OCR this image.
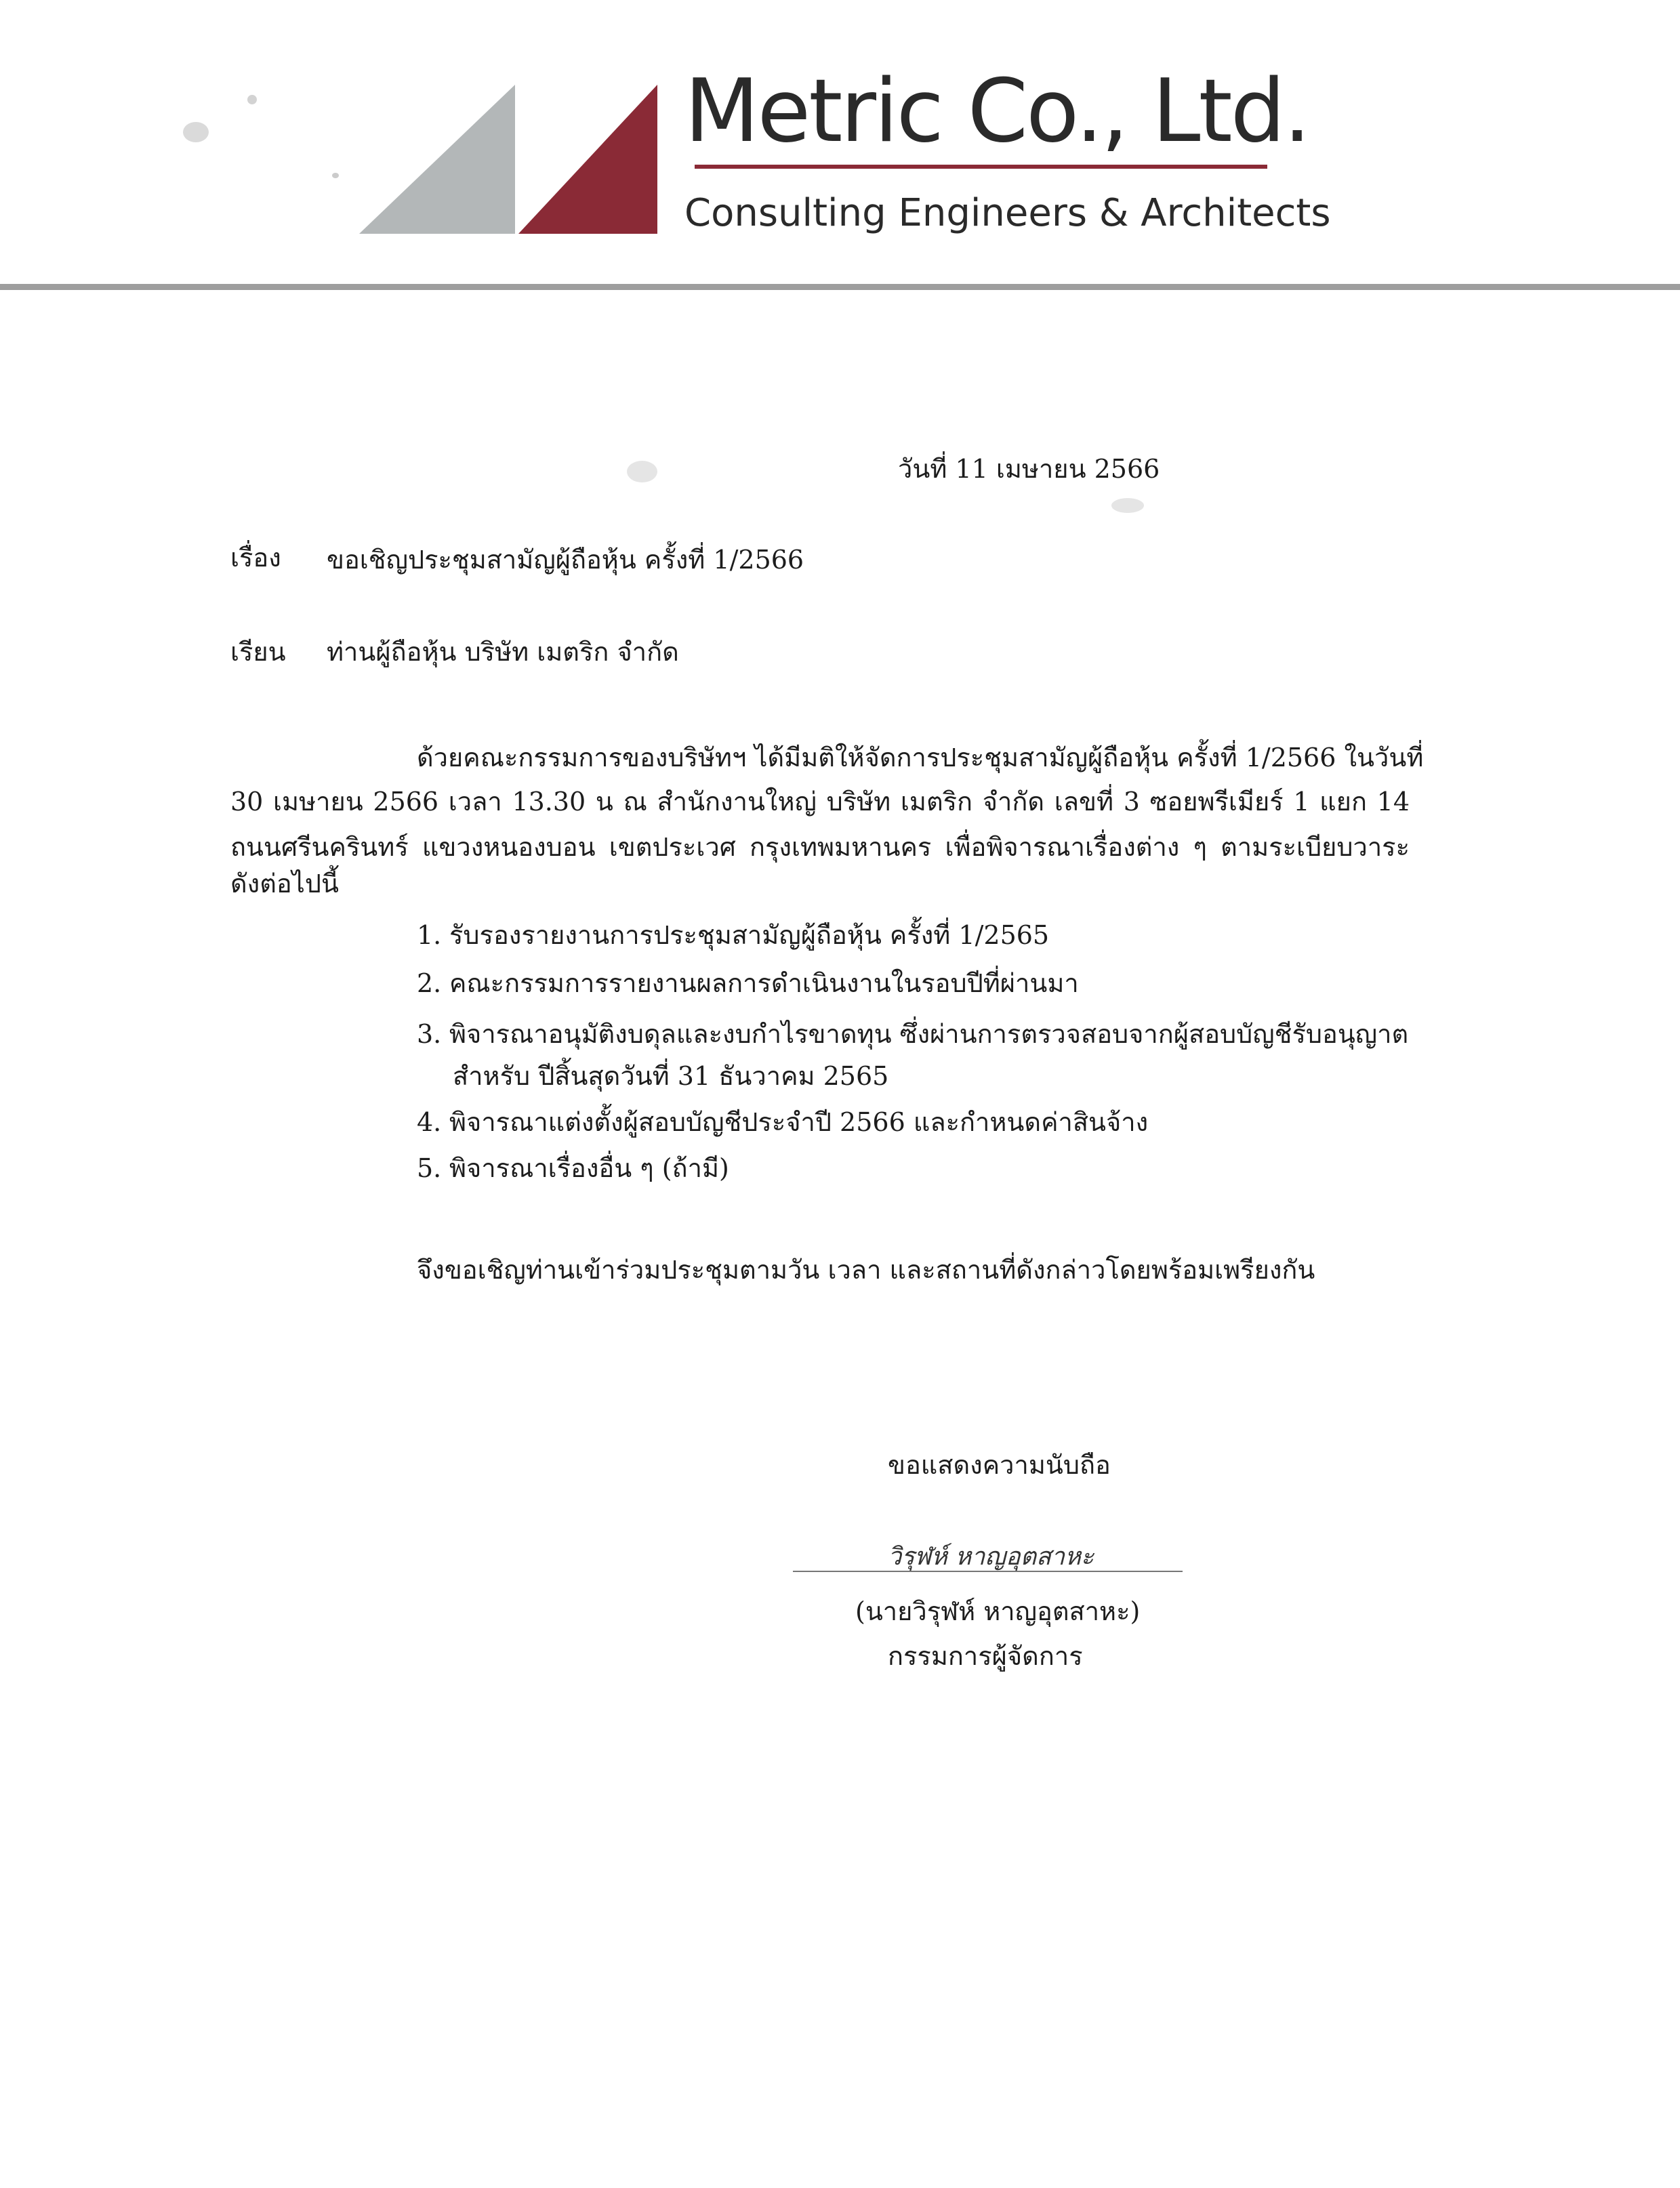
Metric Co., Ltd.
Consulting Engineers & Architects
วันที่ 11 เมษายน 2566
เรื่อง ขอเชิญประชุมสามัญผู้ถือหุ้น ครั้งที่ 1/2566
เรียน ท่านผู้ถือหุ้น บริษัท เมตริก จำกัด
ด้วยคณะกรรมการของบริษัทฯ ได้มีมติให้จัดการประชุมสามัญผู้ถือหุ้น ครั้งที่ 1/2566 ในวันที่
30 เมษายน 2566 เวลา 13.30 น ณ สำนักงานใหญ่ บริษัท เมตริก จำกัด เลขที่ 3 ซอยพรีเมียร์ 1 แยก 14
ถนนศรีนครินทร์ แขวงหนองบอน เขตประเวศ กรุงเทพมหานคร เพื่อพิจารณาเรื่องต่าง ๆ ตามระเบียบวาระ
ดังต่อไปนี้
1. รับรองรายงานการประชุมสามัญผู้ถือหุ้น ครั้งที่ 1/2565
2. คณะกรรมการรายงานผลการดำเนินงานในรอบปีที่ผ่านมา
3. พิจารณาอนุมัติงบดุลและงบกำไรขาดทุน ซึ่งผ่านการตรวจสอบจากผู้สอบบัญชีรับอนุญาต
สำหรับ ปีสิ้นสุดวันที่ 31 ธันวาคม 2565
4. พิจารณาแต่งตั้งผู้สอบบัญชีประจำปี 2566 และกำหนดค่าสินจ้าง
5. พิจารณาเรื่องอื่น ๆ (ถ้ามี)
จึงขอเชิญท่านเข้าร่วมประชุมตามวัน เวลา และสถานที่ดังกล่าวโดยพร้อมเพรียงกัน
ขอแสดงความนับถือ
วิรุฬห์ หาญอุตสาหะ
(นายวิรุฬห์ หาญอุตสาหะ)
กรรมการผู้จัดการ
